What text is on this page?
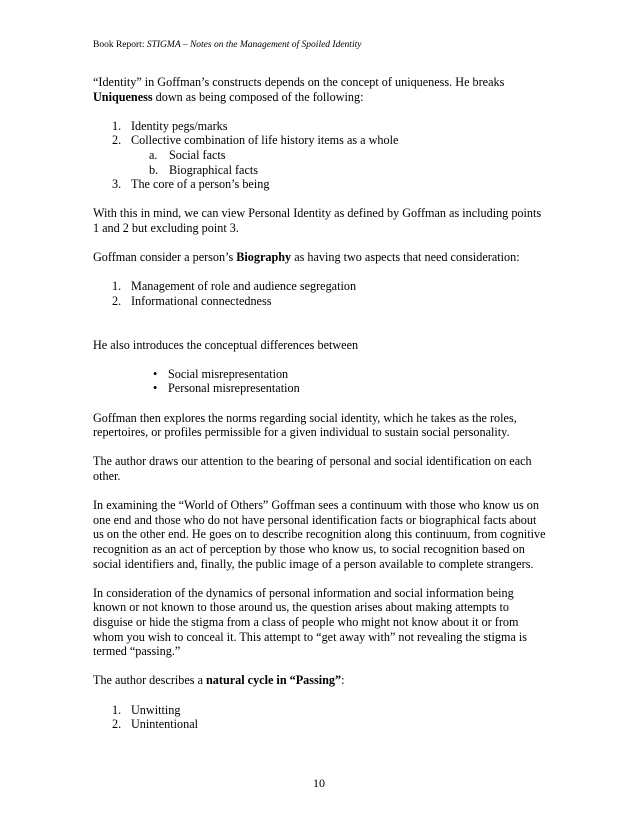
Book Report: STIGMA – Notes on the Management of Spoiled Identity

“Identity” in Goffman’s constructs depends on the concept of uniqueness. He breaks Uniqueness down as being composed of the following:

1. Identity pegs/marks
2. Collective combination of life history items as a whole
a. Social facts
b. Biographical facts
3. The core of a person’s being

With this in mind, we can view Personal Identity as defined by Goffman as including points 1 and 2 but excluding point 3.

Goffman consider a person’s Biography as having two aspects that need consideration:

1. Management of role and audience segregation
2. Informational connectedness

He also introduces the conceptual differences between

• Social misrepresentation
• Personal misrepresentation

Goffman then explores the norms regarding social identity, which he takes as the roles, repertoires, or profiles permissible for a given individual to sustain social personality.

The author draws our attention to the bearing of personal and social identification on each other.

In examining the “World of Others” Goffman sees a continuum with those who know us on one end and those who do not have personal identification facts or biographical facts about us on the other end. He goes on to describe recognition along this continuum, from cognitive recognition as an act of perception by those who know us, to social recognition based on social identifiers and, finally, the public image of a person available to complete strangers.

In consideration of the dynamics of personal information and social information being known or not known to those around us, the question arises about making attempts to disguise or hide the stigma from a class of people who might not know about it or from whom you wish to conceal it. This attempt to “get away with” not revealing the stigma is termed “passing.”

The author describes a natural cycle in “Passing”:

1. Unwitting
2. Unintentional
10
